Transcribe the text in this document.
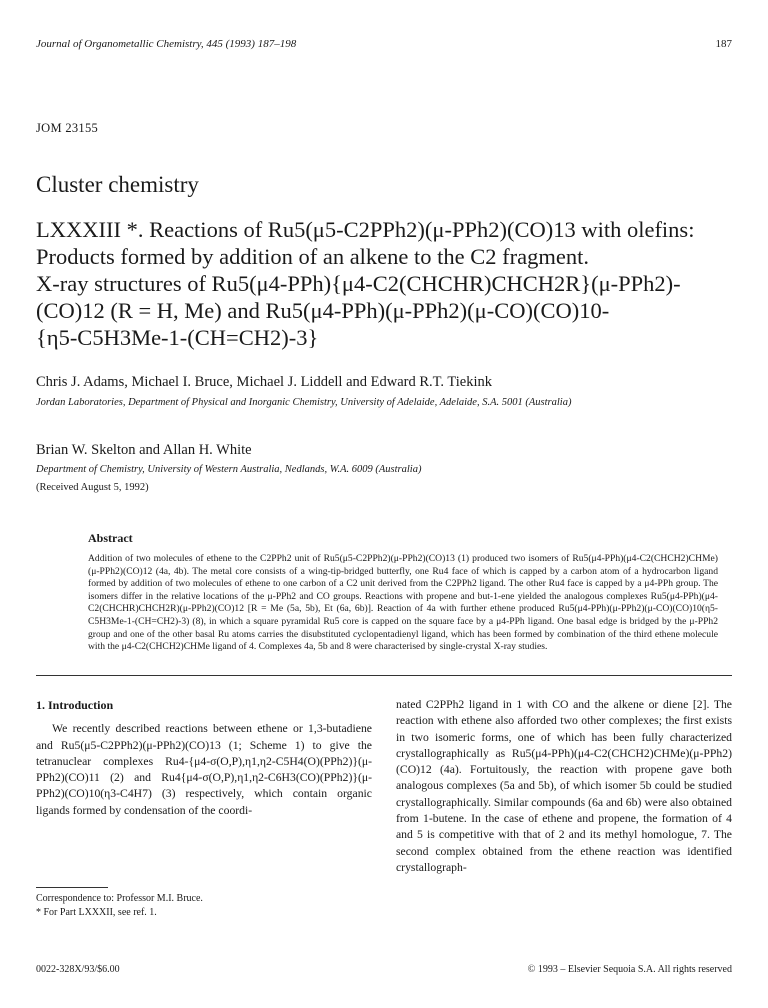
Journal of Organometallic Chemistry, 445 (1993) 187–198	187
JOM 23155
Cluster chemistry
LXXXIII *. Reactions of Ru5(μ5-C2PPh2)(μ-PPh2)(CO)13 with olefins:
Products formed by addition of an alkene to the C2 fragment.
X-ray structures of Ru5(μ4-PPh){μ4-C2(CHCHR)CHCH2R}(μ-PPh2)-
(CO)12 (R = H, Me) and Ru5(μ4-PPh)(μ-PPh2)(μ-CO)(CO)10-
{η5-C5H3Me-1-(CH=CH2)-3}
Chris J. Adams, Michael I. Bruce, Michael J. Liddell and Edward R.T. Tiekink
Jordan Laboratories, Department of Physical and Inorganic Chemistry, University of Adelaide, Adelaide, S.A. 5001 (Australia)
Brian W. Skelton and Allan H. White
Department of Chemistry, University of Western Australia, Nedlands, W.A. 6009 (Australia)
(Received August 5, 1992)
Abstract
Addition of two molecules of ethene to the C2PPh2 unit of Ru5(μ5-C2PPh2)(μ-PPh2)(CO)13 (1) produced two isomers of Ru5(μ4-PPh)(μ4-C2(CHCH2)CHMe)(μ-PPh2)(CO)12 (4a, 4b). The metal core consists of a wing-tip-bridged butterfly, one Ru4 face of which is capped by a carbon atom of a hydrocarbon ligand formed by addition of two molecules of ethene to one carbon of a C2 unit derived from the C2PPh2 ligand. The other Ru4 face is capped by a μ4-PPh group. The isomers differ in the relative locations of the μ-PPh2 and CO groups. Reactions with propene and but-1-ene yielded the analogous complexes Ru5(μ4-PPh)(μ4-C2(CHCHR)CHCH2R)(μ-PPh2)(CO)12 [R = Me (5a, 5b), Et (6a, 6b)]. Reaction of 4a with further ethene produced Ru5(μ4-PPh)(μ-PPh2)(μ-CO)(CO)10(η5-C5H3Me-1-(CH=CH2)-3) (8), in which a square pyramidal Ru5 core is capped on the square face by a μ4-PPh ligand. One basal edge is bridged by the μ-PPh2 group and one of the other basal Ru atoms carries the disubstituted cyclopentadienyl ligand, which has been formed by combination of the third ethene molecule with the μ4-C2(CHCH2)CHMe ligand of 4. Complexes 4a, 5b and 8 were characterised by single-crystal X-ray studies.
1. Introduction

We recently described reactions between ethene or 1,3-butadiene and Ru5(μ5-C2PPh2)(μ-PPh2)(CO)13 (1; Scheme 1) to give the tetranuclear complexes Ru4-{μ4-σ(O,P),η1,η2-C5H4(O)(PPh2)}(μ-PPh2)(CO)11 (2) and Ru4{μ4-σ(O,P),η1,η2-C6H3(CO)(PPh2)}(μ-PPh2)(CO)10(η3-C4H7) (3) respectively, which contain organic ligands formed by condensation of the coordi-

nated C2PPh2 ligand in 1 with CO and the alkene or diene [2]. The reaction with ethene also afforded two other complexes; the first exists in two isomeric forms, one of which has been fully characterized crystallographically as Ru5(μ4-PPh)(μ4-C2(CHCH2)CHMe)(μ-PPh2)(CO)12 (4a). Fortuitously, the reaction with propene gave both analogous complexes (5a and 5b), of which isomer 5b could be studied crystallographically. Similar compounds (6a and 6b) were also obtained from 1-butene. In the case of ethene and propene, the formation of 4 and 5 is competitive with that of 2 and its methyl homologue, 7. The second complex obtained from the ethene reaction was identified crystallograph-

Correspondence to: Professor M.I. Bruce.
* For Part LXXXII, see ref. 1.
0022-328X/93/$6.00	© 1993 – Elsevier Sequoia S.A. All rights reserved
